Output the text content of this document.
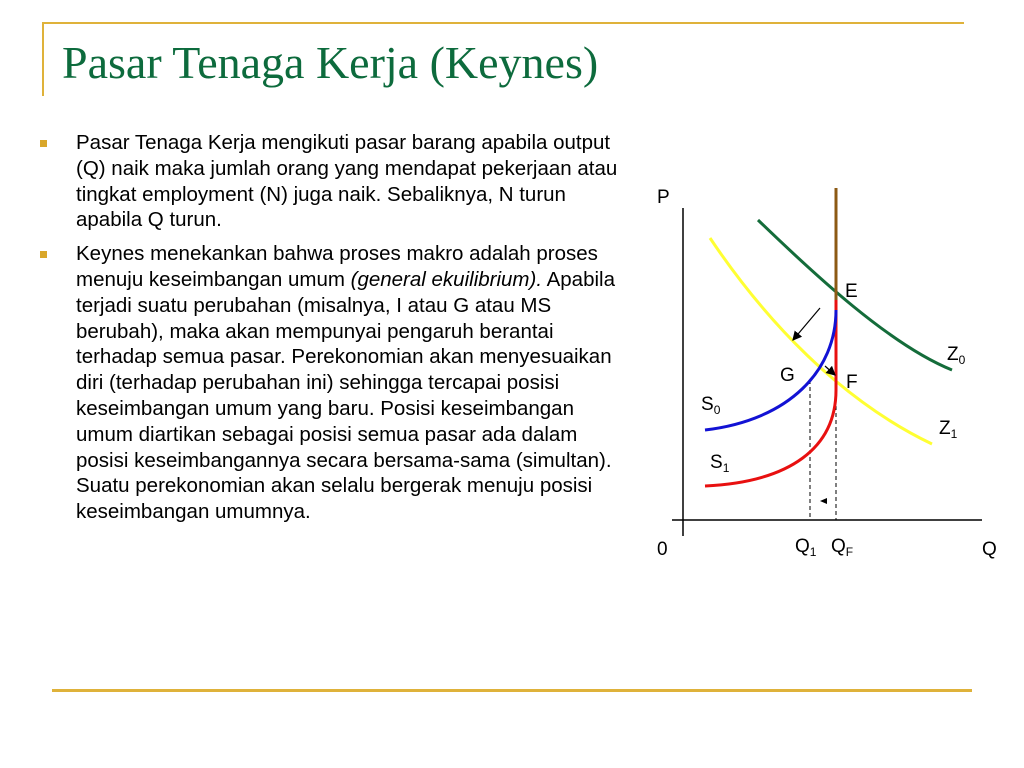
Pasar Tenaga Kerja (Keynes)
Pasar Tenaga Kerja mengikuti pasar barang apabila output (Q) naik maka jumlah orang yang mendapat pekerjaan atau tingkat employment (N) juga naik. Sebaliknya, N turun apabila Q turun.
Keynes menekankan bahwa proses makro adalah proses menuju keseimbangan umum (general ekuilibrium). Apabila terjadi suatu perubahan (misalnya, I atau G atau MS berubah), maka akan mempunyai pengaruh berantai terhadap semua pasar. Perekonomian akan menyesuaikan diri (terhadap perubahan ini) sehingga tercapai posisi keseimbangan umum yang baru. Posisi keseimbangan umum diartikan sebagai posisi semua pasar ada dalam posisi keseimbangannya secara bersama-sama (simultan). Suatu perekonomian akan selalu bergerak menuju posisi keseimbangan umumnya.
P
Q
0
E
F
G
$Z_0$
$Z_1$
$S_0$
$S_1$
$Q_1$ $Q_F$
